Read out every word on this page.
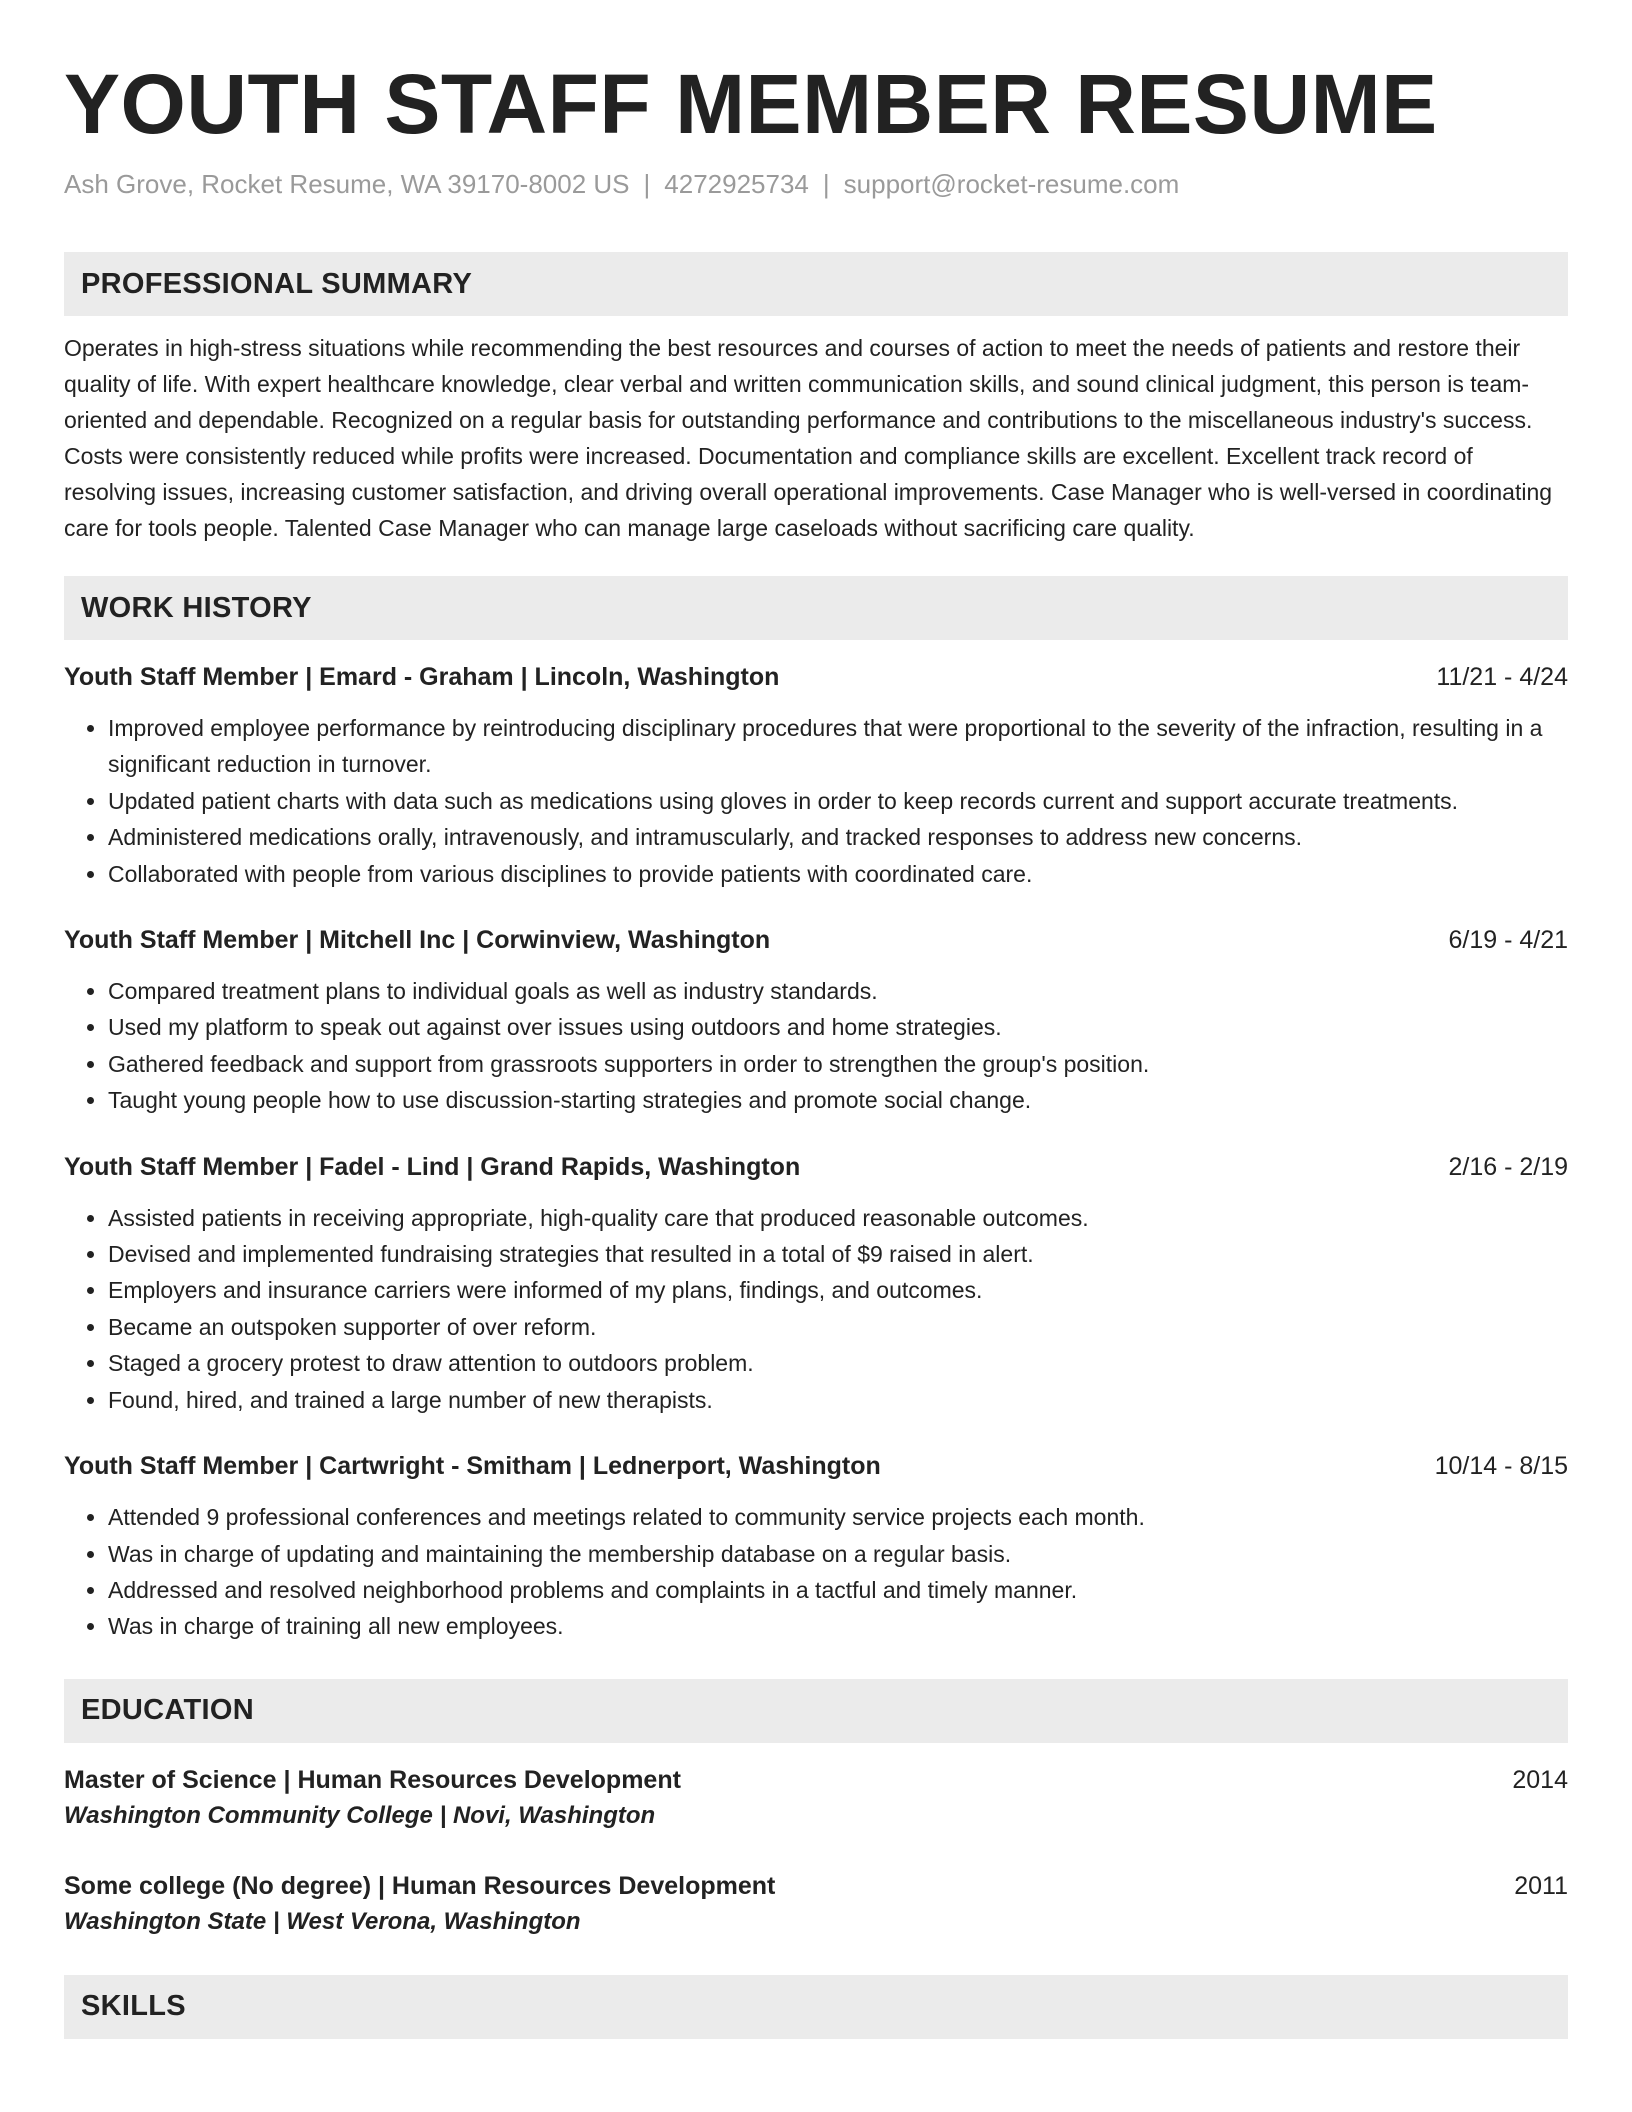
YOUTH STAFF MEMBER RESUME
Ash Grove, Rocket Resume, WA 39170-8002 US | 4272925734 | support@rocket-resume.com
PROFESSIONAL SUMMARY

Operates in high-stress situations while recommending the best resources and courses of action to meet the needs of patients and restore their quality of life. With expert healthcare knowledge, clear verbal and written communication skills, and sound clinical judgment, this person is team-oriented and dependable. Recognized on a regular basis for outstanding performance and contributions to the miscellaneous industry's success. Costs were consistently reduced while profits were increased. Documentation and compliance skills are excellent. Excellent track record of resolving issues, increasing customer satisfaction, and driving overall operational improvements. Case Manager who is well-versed in coordinating care for tools people. Talented Case Manager who can manage large caseloads without sacrificing care quality.

WORK HISTORY
Youth Staff Member | Emard - Graham | Lincoln, Washington	11/21 - 4/24
• Improved employee performance by reintroducing disciplinary procedures that were proportional to the severity of the infraction, resulting in a significant reduction in turnover.
• Updated patient charts with data such as medications using gloves in order to keep records current and support accurate treatments.
• Administered medications orally, intravenously, and intramuscularly, and tracked responses to address new concerns.
• Collaborated with people from various disciplines to provide patients with coordinated care.
Youth Staff Member | Mitchell Inc | Corwinview, Washington	6/19 - 4/21
• Compared treatment plans to individual goals as well as industry standards.
• Used my platform to speak out against over issues using outdoors and home strategies.
• Gathered feedback and support from grassroots supporters in order to strengthen the group's position.
• Taught young people how to use discussion-starting strategies and promote social change.
Youth Staff Member | Fadel - Lind | Grand Rapids, Washington	2/16 - 2/19
• Assisted patients in receiving appropriate, high-quality care that produced reasonable outcomes.
• Devised and implemented fundraising strategies that resulted in a total of $9 raised in alert.
• Employers and insurance carriers were informed of my plans, findings, and outcomes.
• Became an outspoken supporter of over reform.
• Staged a grocery protest to draw attention to outdoors problem.
• Found, hired, and trained a large number of new therapists.
Youth Staff Member | Cartwright - Smitham | Lednerport, Washington	10/14 - 8/15
• Attended 9 professional conferences and meetings related to community service projects each month.
• Was in charge of updating and maintaining the membership database on a regular basis.
• Addressed and resolved neighborhood problems and complaints in a tactful and timely manner.
• Was in charge of training all new employees.
EDUCATION
Master of Science | Human Resources Development	2014
Washington Community College | Novi, Washington
Some college (No degree) | Human Resources Development	2011
Washington State | West Verona, Washington
SKILLS
